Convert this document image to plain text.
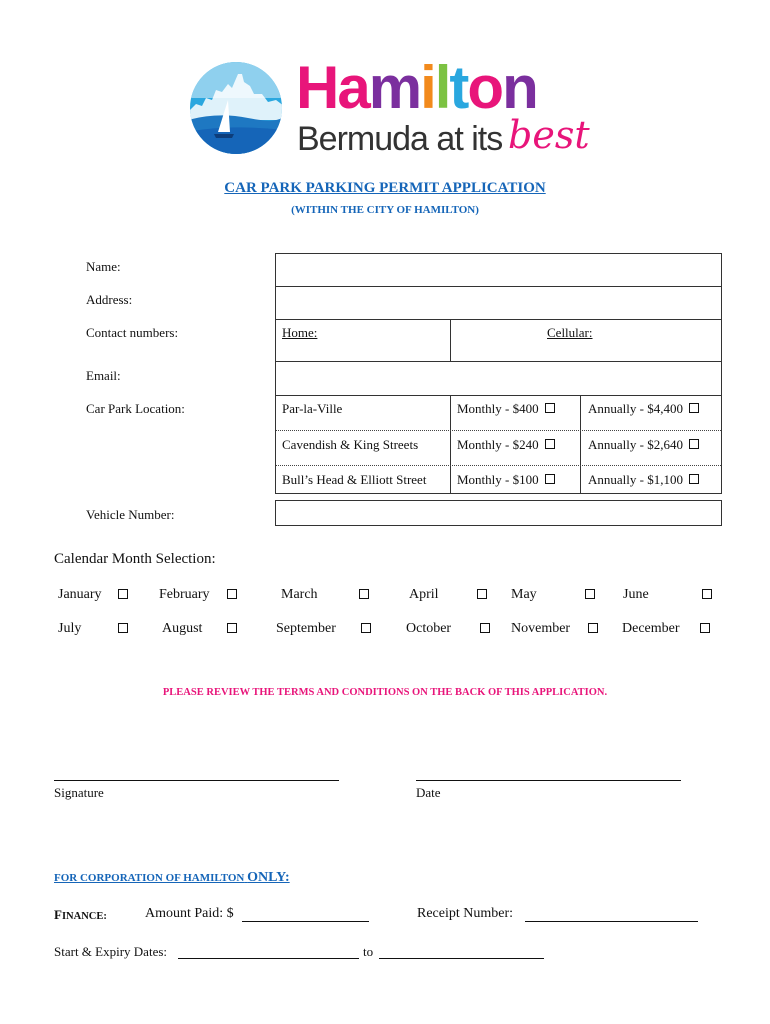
Hamilton
Bermuda at its best
CAR PARK PARKING PERMIT APPLICATION
(WITHIN THE CITY OF HAMILTON)
Name:
Address:
Contact numbers:
Email:
Car Park Location:
Vehicle Number:
Home:	Cellular:
Par-la-Ville	Monthly - $400	Annually - $4,400
Cavendish & King Streets	Monthly - $240	Annually - $2,640
Bull’s Head & Elliott Street Monthly - $100	Annually - $1,100
Calendar Month Selection:
January	February	March	April	May	June
July	August	September	October	November	December
PLEASE REVIEW THE TERMS AND CONDITIONS ON THE BACK OF THIS APPLICATION.
Signature	Date
FOR CORPORATION OF HAMILTON ONLY:
FINANCE:	Amount Paid: $	Receipt Number:
Start & Expiry Dates:	to
